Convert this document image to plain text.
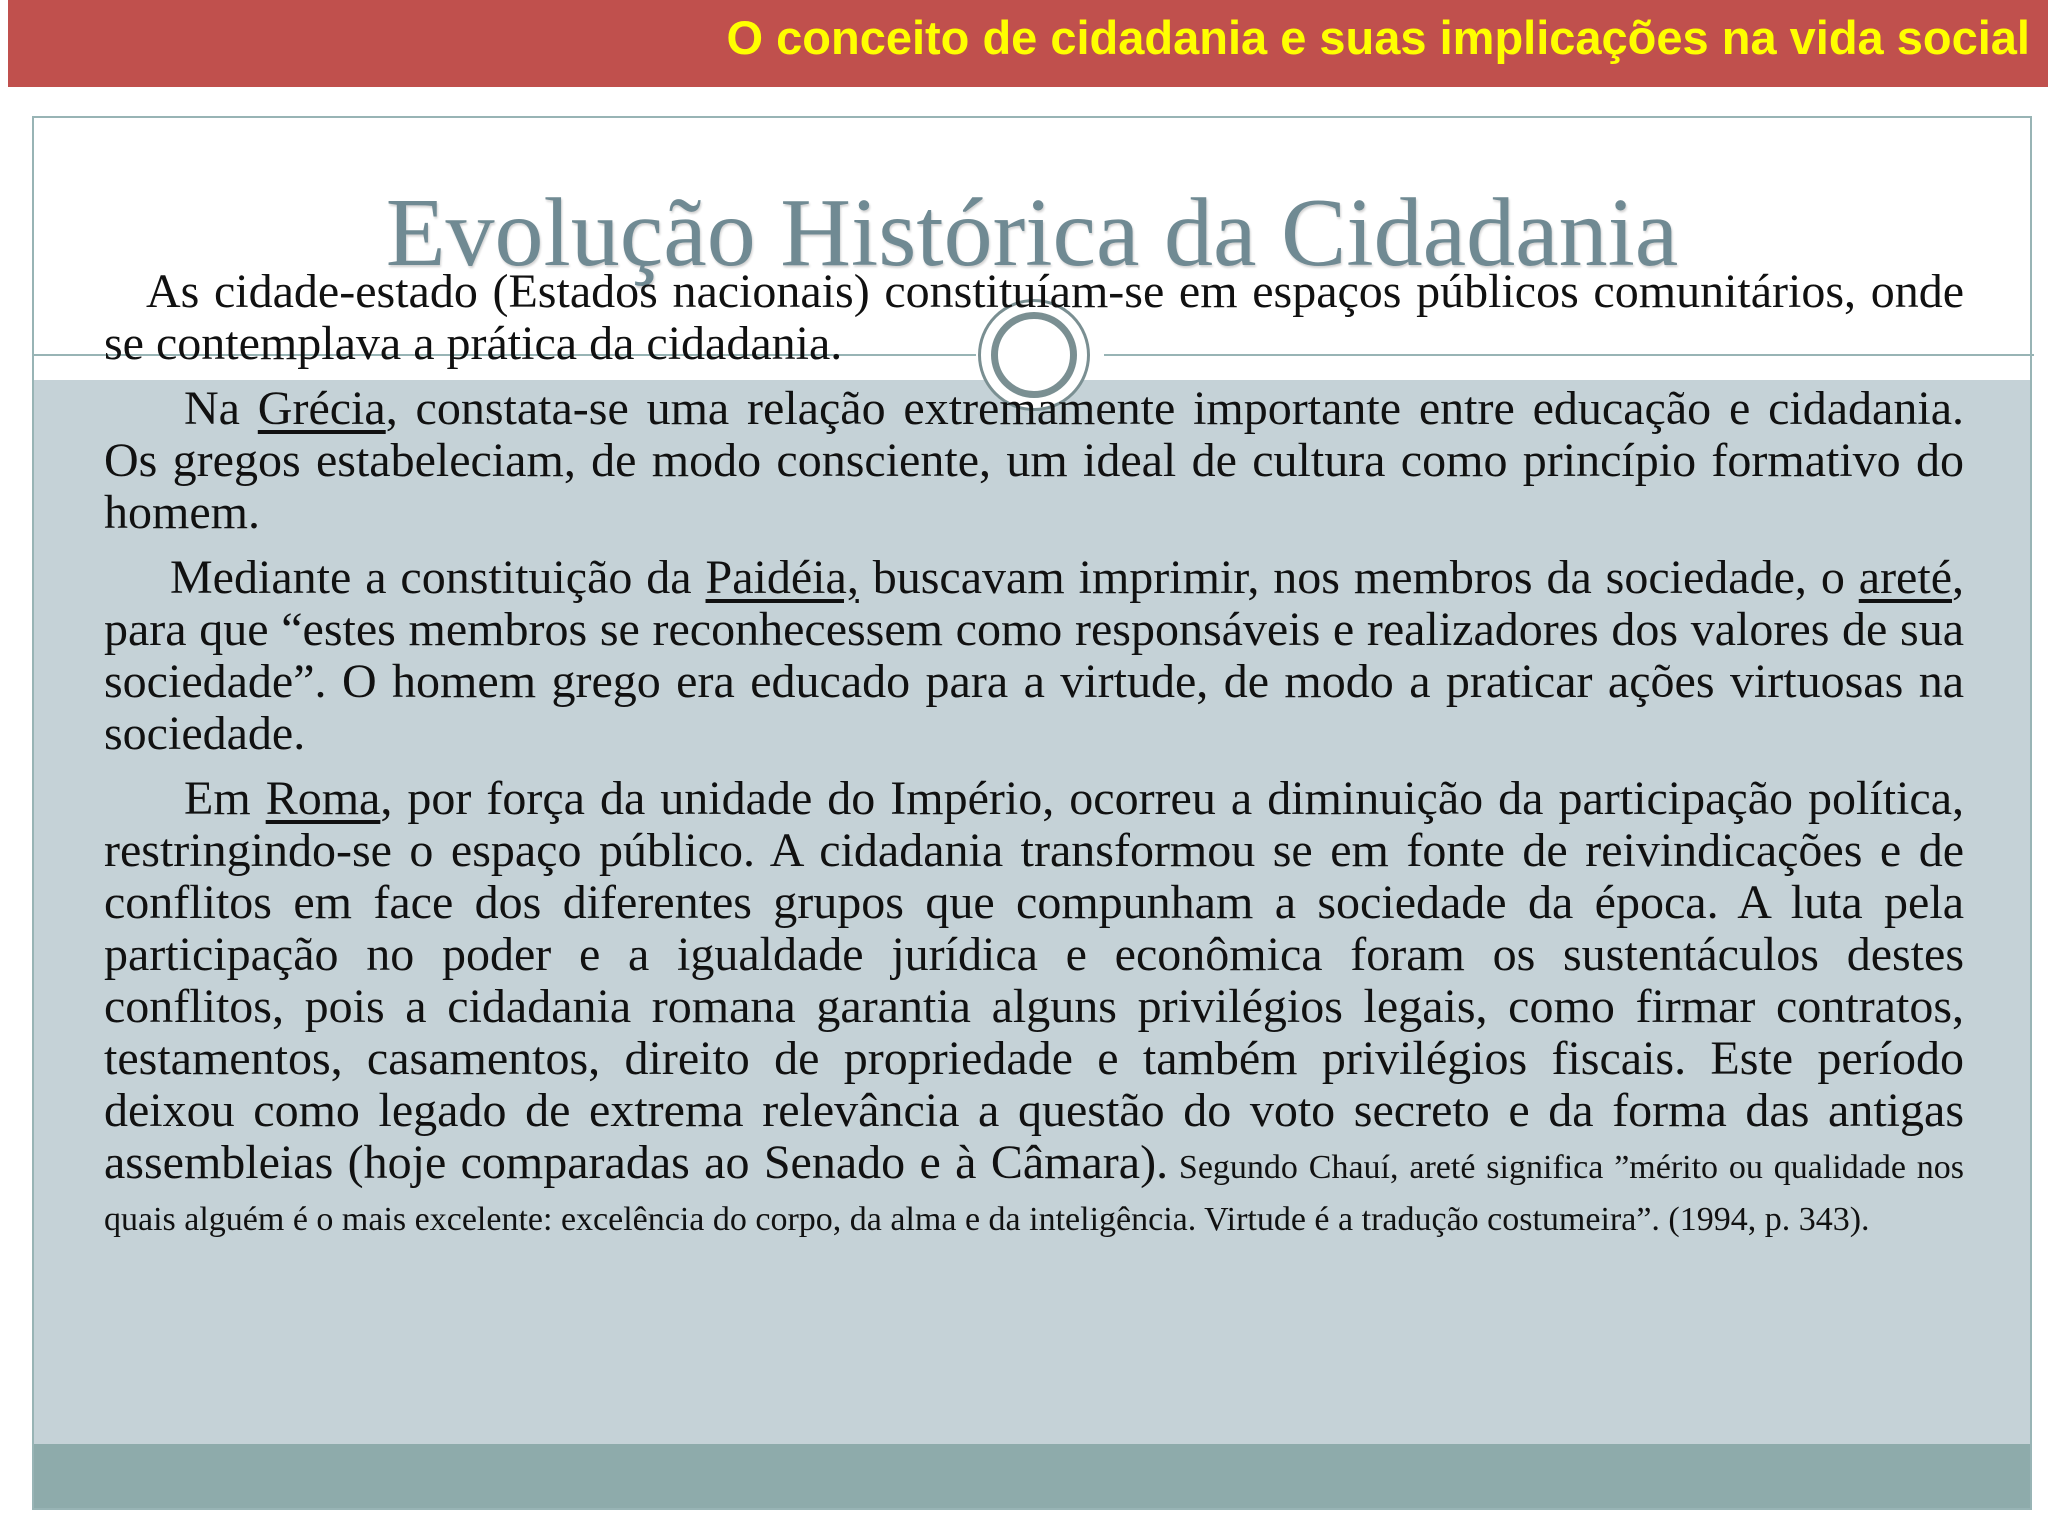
O conceito de cidadania e suas implicações na vida social
Evolução Histórica da Cidadania

As cidade-estado (Estados nacionais) constituíam-se em espaços públicos comunitários, onde se contemplava a prática da cidadania.

Na Grécia, constata-se uma relação extremamente importante entre educação e cidadania. Os gregos estabeleciam, de modo consciente, um ideal de cultura como princípio formativo do homem.

Mediante a constituição da Paidéia, buscavam imprimir, nos membros da sociedade, o areté, para que “estes membros se reconhecessem como responsáveis e realizadores dos valores de sua sociedade”. O homem grego era educado para a virtude, de modo a praticar ações virtuosas na sociedade.

Em Roma, por força da unidade do Império, ocorreu a diminuição da participação política, restringindo-se o espaço público. A cidadania transformou se em fonte de reivindicações e de conflitos em face dos diferentes grupos que compunham a sociedade da época. A luta pela participação no poder e a igualdade jurídica e econômica foram os sustentáculos destes conflitos, pois a cidadania romana garantia alguns privilégios legais, como firmar contratos, testamentos, casamentos, direito de propriedade e também privilégios fiscais. Este período deixou como legado de extrema relevância a questão do voto secreto e da forma das antigas assembleias (hoje comparadas ao Senado e à Câmara). Segundo Chauí, areté significa ”mérito ou qualidade nos quais alguém é o mais excelente: excelência do corpo, da alma e da inteligência. Virtude é a tradução costumeira”. (1994, p. 343).
